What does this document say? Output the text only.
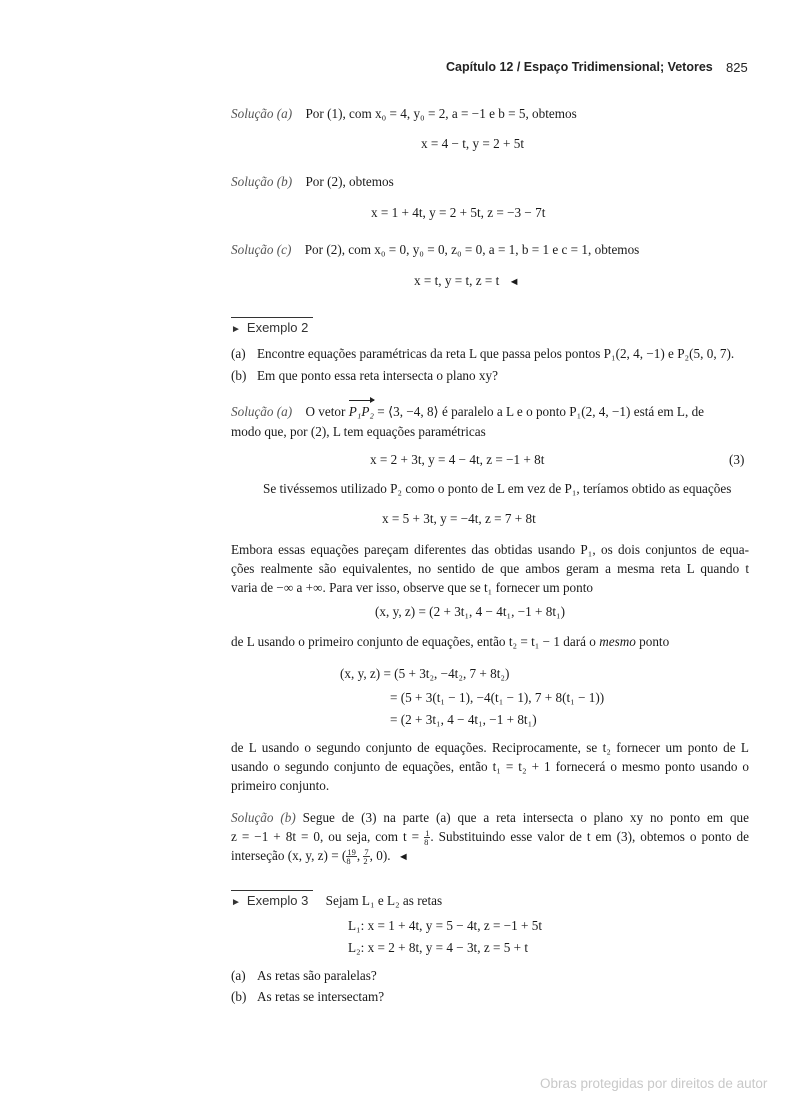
Capítulo 12 / Espaço Tridimensional; Vetores 825
Solução (a) Por (1), com x₀ = 4, y₀ = 2, a = −1 e b = 5, obtemos
x = 4 − t, y = 2 + 5t
Solução (b) Por (2), obtemos
x = 1 + 4t, y = 2 + 5t, z = −3 − 7t
Solução (c) Por (2), com x₀ = 0, y₀ = 0, z₀ = 0, a = 1, b = 1 e c = 1, obtemos
x = t, y = t, z = t ◄
► Exemplo 2
(a) Encontre equações paramétricas da reta L que passa pelos pontos P₁(2, 4, −1) e P₂(5, 0, 7).
(b) Em que ponto essa reta intersecta o plano xy?
Solução (a) O vetor P₁P₂ = ⟨3, −4, 8⟩ é paralelo a L e o ponto P₁(2, 4, −1) está em L, de
modo que, por (2), L tem equações paramétricas
x = 2 + 3t, y = 4 − 4t, z = −1 + 8t	(3)
Se tivéssemos utilizado P₂ como o ponto de L em vez de P₁, teríamos obtido as equações
x = 5 + 3t, y = −4t, z = 7 + 8t
Embora essas equações pareçam diferentes das obtidas usando P₁, os dois conjuntos de equa-
ções realmente são equivalentes, no sentido de que ambos geram a mesma reta L quando t
varia de −∞ a +∞. Para ver isso, observe que se t₁ fornecer um ponto
(x, y, z) = (2 + 3t₁, 4 − 4t₁, −1 + 8t₁)
de L usando o primeiro conjunto de equações, então t₂ = t₁ − 1 dará o mesmo ponto
(x, y, z) = (5 + 3t₂, −4t₂, 7 + 8t₂)
= (5 + 3(t₁ − 1), −4(t₁ − 1), 7 + 8(t₁ − 1))
= (2 + 3t₁, 4 − 4t₁, −1 + 8t₁)
de L usando o segundo conjunto de equações. Reciprocamente, se t₂ fornecer um ponto de L
usando o segundo conjunto de equações, então t₁ = t₂ + 1 fornecerá o mesmo ponto usando o
primeiro conjunto.
Solução (b) Segue de (3) na parte (a) que a reta intersecta o plano xy no ponto em que
z = −1 + 8t = 0, ou seja, com $t = \frac{1}{8}$ . Substituindo esse valor de t em (3), obtemos o ponto de
interseção (x, y, z) = ( $\frac{19}{8}$ , $\frac{7}{2}$ , 0). ◄
► Exemplo 3 Sejam L₁ e L₂ as retas
L₁: x = 1 + 4t, y = 5 − 4t, z = −1 + 5t
L₂: x = 2 + 8t, y = 4 − 3t, z = 5 + t
(a) As retas são paralelas?
(b) As retas se intersectam?
Obras protegidas por direitos de autor
